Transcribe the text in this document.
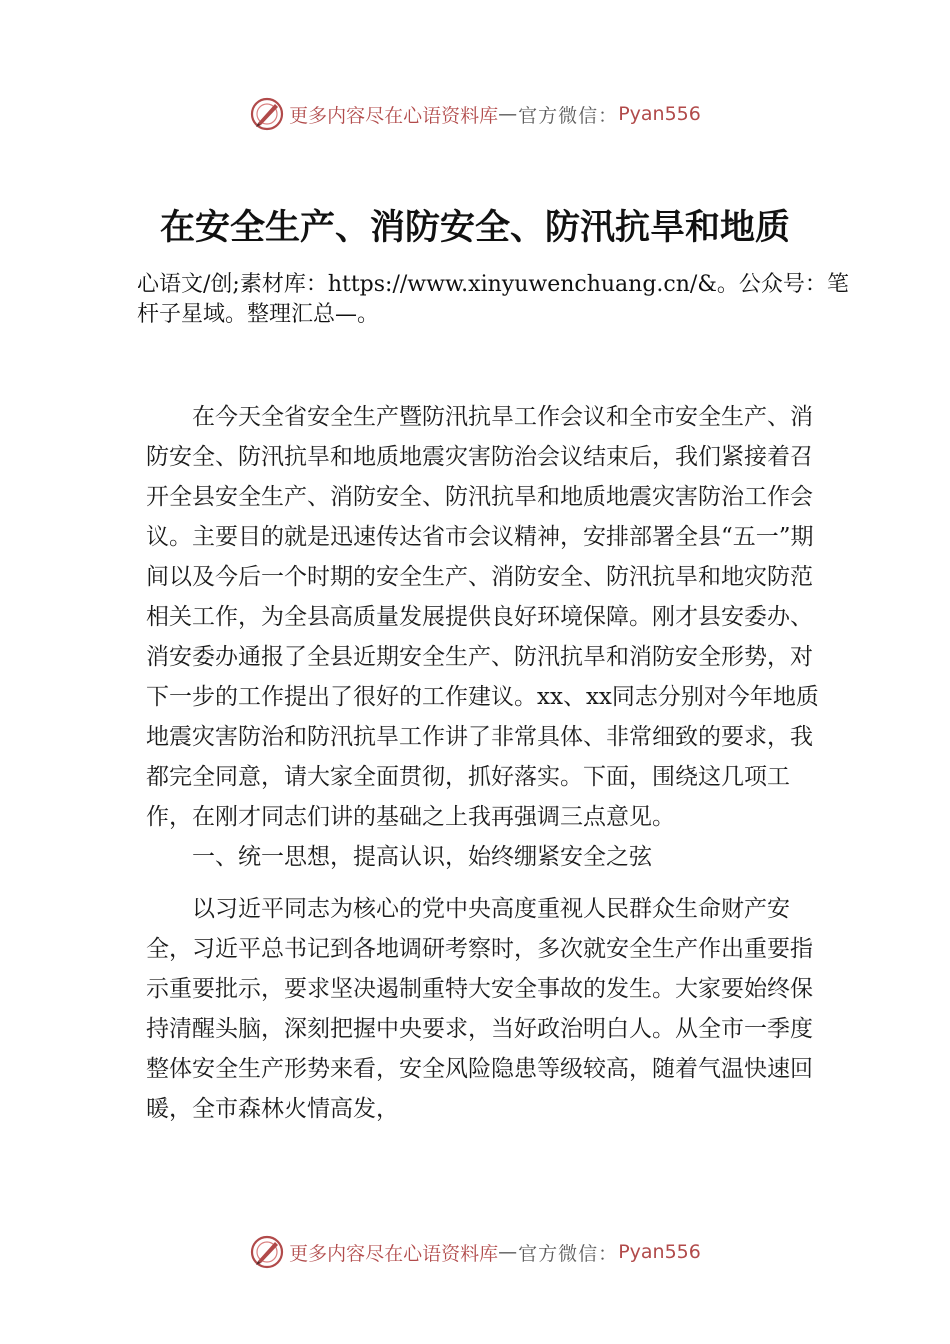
更多内容尽在心语资料库 — 官方微信： Pyan556
在安全生产、消防安全、防汛抗旱和地质
心语文/创;素材库：https://www.xinyuwenchuang.cn/&。公众号：笔杆子星域。整理汇总—。

在今天全省安全生产暨防汛抗旱工作会议和全市安全生产、消防安全、防汛抗旱和地质地震灾害防治会议结束后，我们紧接着召开全县安全生产、消防安全、防汛抗旱和地质地震灾害防治工作会议。主要目的就是迅速传达省市会议精神，安排部署全县“五一”期间以及今后一个时期的安全生产、消防安全、防汛抗旱和地灾防范相关工作，为全县高质量发展提供良好环境保障。刚才县安委办、消安委办通报了全县近期安全生产、防汛抗旱和消防安全形势，对下一步的工作提出了很好的工作建议。xx、xx同志分别对今年地质地震灾害防治和防汛抗旱工作讲了非常具体、非常细致的要求，我都完全同意，请大家全面贯彻，抓好落实。下面，围绕这几项工作，在刚才同志们讲的基础之上我再强调三点意见。

一、统一思想，提高认识，始终绷紧安全之弦

以习近平同志为核心的党中央高度重视人民群众生命财产安全，习近平总书记到各地调研考察时，多次就安全生产作出重要指示重要批示，要求坚决遏制重特大安全事故的发生。大家要始终保持清醒头脑，深刻把握中央要求，当好政治明白人。从全市一季度整体安全生产形势来看，安全风险隐患等级较高，随着气温快速回暖，全市森林火情高发，

更多内容尽在心语资料库 — 官方微信： Pyan556
